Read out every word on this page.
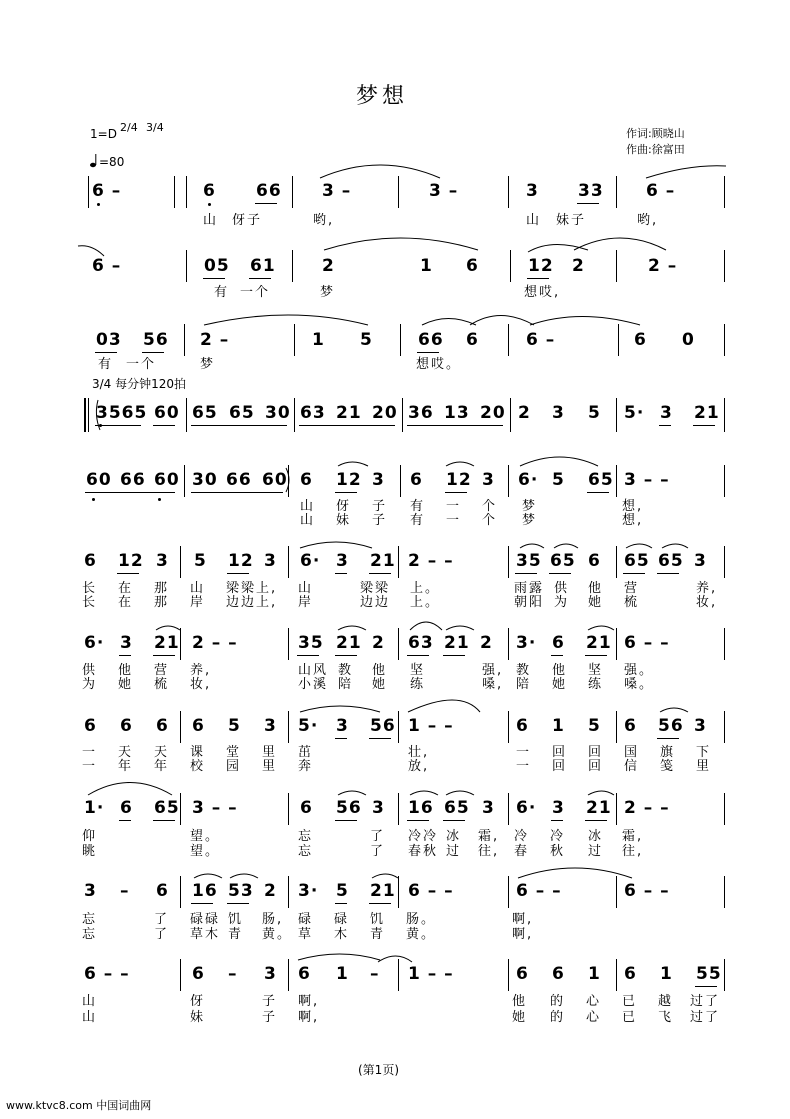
梦想
1=D 2/4 3/4
=80
作词:顾晓山
作曲:徐富田
6 –	6 66 3 –	3 –	3 33 6 –
山 伢子	哟,	山 妹子	哟,
6 –	05 61	2	1 6	12 2	2 –
有 一个	梦	想哎,
03 56 2 –	1 5	66 6	6 –	6 0
有 一个	梦	想哎。
3/4 每分钟120拍
3565 60 65 65 30 63 21 20 36 13 20 2 3 5 5· 3 21
60 66 60 30 66 60 6 12 3 6 12 3 6· 5 65 3 – –
山 伢 子 有 一 个 梦	想,
山 妹 子 有 一 个 梦	想,
6 12 3 5 12 3 6· 3 21 2 – –	35 65 6 65 65 3
长 在 那 山 梁梁上, 山	梁梁 上。	雨露 供 他 营	养,
长 在 那 岸 边边上, 岸	边边 上。	朝阳 为 她 梳	妆,
6· 3 21 2 – –	35 21 2 63 21 2 3· 6 21 6 – –
供 他 营 养,	山风 教 他 坚	强, 教 他 坚 强。
为 她 梳 妆,	小溪 陪 她 练	嗓, 陪 她 练 嗓。
6 6 6 6 5 3 5· 3 56 1 – –	6 1 5 6 56 3
一 天 天 课 堂 里 茁	壮,	一 回 回 国 旗 下
一 年 年 校 园 里 奔	放,	一 回 回 信 笺 里
1· 6 65 3 – –	6 56 3 16 65 3 6· 3 21 2 – –
仰	望。	忘	了 冷冷 冰 霜, 冷 冷 冰 霜,
眺	望。	忘	了 春秋 过 往, 春 秋 过 往,
3 – 6 16 53 2 3· 5 21 6 – –	6 – –	6 – –
忘	了 碌碌 饥 肠, 碌 碌 饥 肠。	啊,
忘	了 草木 青 黄。 草 木 青 黄。	啊,
6 – –	6 – 3 6 1 – 1 – –	6 6 1 6 1 55
山	伢	子 啊,	他 的 心 已 越 过了
山	妹	子 啊,	她 的 心 已 飞 过了
(第1页)
www.ktvc8.com 中国词曲网
